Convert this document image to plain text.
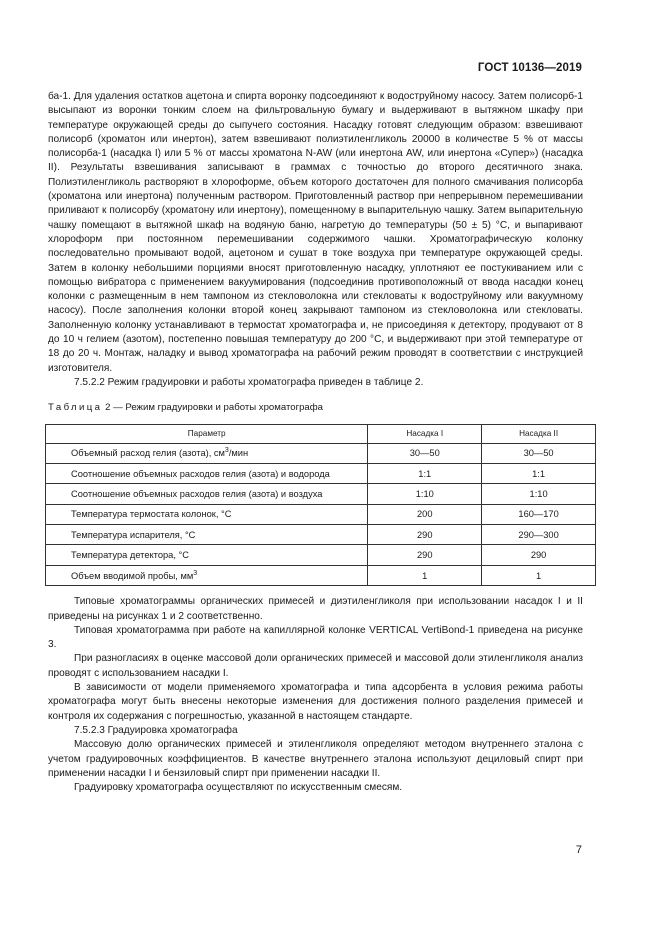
ГОСТ 10136—2019

ба-1. Для удаления остатков ацетона и спирта воронку подсоединяют к водоструйному насосу. Затем полисорб-1 высыпают из воронки тонким слоем на фильтровальную бумагу и выдерживают в вытяжном шкафу при температуре окружающей среды до сыпучего состояния. Насадку готовят следующим образом: взвешивают полисорб (хроматон или инертон), затем взвешивают полиэтиленгликоль 20000 в количестве 5 % от массы полисорба-1 (насадка I) или 5 % от массы хроматона N-AW (или инертона AW, или инертона «Супер») (насадка II). Результаты взвешивания записывают в граммах с точностью до второго десятичного знака. Полиэтиленгликоль растворяют в хлороформе, объем которого достаточен для полного смачивания полисорба (хроматона или инертона) полученным раствором. Приготовленный раствор при непрерывном перемешивании приливают к полисорбу (хроматону или инертону), помещенному в выпарительную чашку. Затем выпарительную чашку помещают в вытяжной шкаф на водяную баню, нагретую до температуры (50 ± 5) °С, и выпаривают хлороформ при постоянном перемешивании содержимого чашки. Хроматографическую колонку последовательно промывают водой, ацетоном и сушат в токе воздуха при температуре окружающей среды. Затем в колонку небольшими порциями вносят приготовленную насадку, уплотняют ее постукиванием или с помощью вибратора с применением вакуумирования (подсоединив противоположный от ввода насадки конец колонки с размещенным в нем тампоном из стекловолокна или стекловаты к водоструйному или вакуумному насосу). После заполнения колонки второй конец закрывают тампоном из стекловолокна или стекловаты. Заполненную колонку устанавливают в термостат хроматографа и, не присоединяя к детектору, продувают от 8 до 10 ч гелием (азотом), постепенно повышая температуру до 200 °С, и выдерживают при этой температуре от 18 до 20 ч. Монтаж, наладку и вывод хроматографа на рабочий режим проводят в соответствии с инструкцией изготовителя.

7.5.2.2 Режим градуировки и работы хроматографа приведен в таблице 2.

Таблица 2 — Режим градуировки и работы хроматографа
Параметр	Насадка I	Насадка II
Объемный расход гелия (азота), $см^3$/мин	30—50	30—50
Соотношение объемных расходов гелия (азота) и водорода	1:1	1:1
Соотношение объемных расходов гелия (азота) и воздуха	1:10	1:10
Температура термостата колонок, °С	200	160—170
Температура испарителя, °С	290	290—300
Температура детектора, °С	290	290
Объем вводимой пробы, $мм^3$	1	1

Типовые хроматограммы органических примесей и диэтиленгликоля при использовании насадок I и II приведены на рисунках 1 и 2 соответственно.

Типовая хроматограмма при работе на капиллярной колонке VERTICAL VertiBond-1 приведена на рисунке 3.

При разногласиях в оценке массовой доли органических примесей и массовой доли этиленгликоля анализ проводят с использованием насадки I.

В зависимости от модели применяемого хроматографа и типа адсорбента в условия режима работы хроматографа могут быть внесены некоторые изменения для достижения полного разделения примесей и контроля их содержания с погрешностью, указанной в настоящем стандарте.

7.5.2.3 Градуировка хроматографа

Массовую долю органических примесей и этиленгликоля определяют методом внутреннего эталона с учетом градуировочных коэффициентов. В качестве внутреннего эталона используют дециловый спирт при применении насадки I и бензиловый спирт при применении насадки II.

Градуировку хроматографа осуществляют по искусственным смесям.

7
